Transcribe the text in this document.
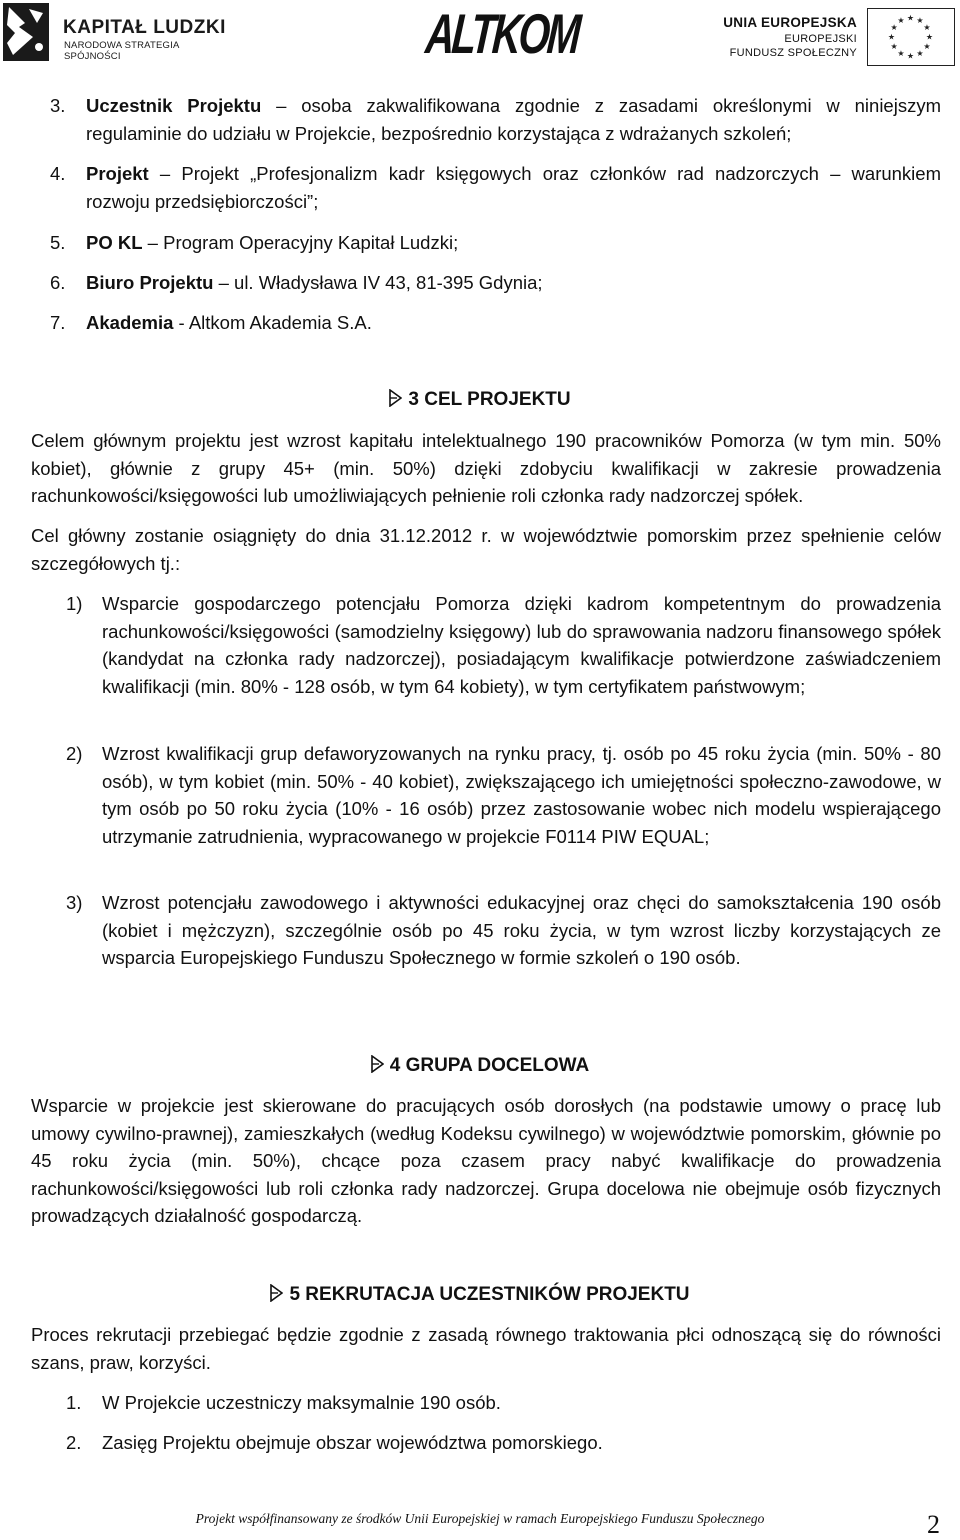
KAPITAŁ LUDZKI
NARODOWA STRATEGIA SPÓJNOŚCI	ALTKOM	UNIA EUROPEJSKA
EUROPEJSKI
FUNDUSZ SPOŁECZNY
★ ★
★
★
★
★
★
★
★
★
★
★
3. Uczestnik Projektu – osoba zakwalifikowana zgodnie z zasadami określonymi w niniejszym regulaminie do udziału w Projekcie, bezpośrednio korzystająca z wdrażanych szkoleń;
4. Projekt – Projekt „Profesjonalizm kadr księgowych oraz członków rad nadzorczych – warunkiem rozwoju przedsiębiorczości”;
5. PO KL – Program Operacyjny Kapitał Ludzki;
6. Biuro Projektu – ul. Władysława IV 43, 81-395 Gdynia;
7. Akademia - Altkom Akademia S.A.
3 CEL PROJEKTU
Celem głównym projektu jest wzrost kapitału intelektualnego 190 pracowników Pomorza (w tym min. 50% kobiet), głównie z grupy 45+ (min. 50%) dzięki zdobyciu kwalifikacji w zakresie prowadzenia rachunkowości/księgowości lub umożliwiających pełnienie roli członka rady nadzorczej spółek.
Cel główny zostanie osiągnięty do dnia 31.12.2012 r. w województwie pomorskim przez spełnienie celów szczegółowych tj.:
1) Wsparcie gospodarczego potencjału Pomorza dzięki kadrom kompetentnym do prowadzenia rachunkowości/księgowości (samodzielny księgowy) lub do sprawowania nadzoru finansowego spółek (kandydat na członka rady nadzorczej), posiadającym kwalifikacje potwierdzone zaświadczeniem kwalifikacji (min. 80% - 128 osób, w tym 64 kobiety), w tym certyfikatem państwowym;
2) Wzrost kwalifikacji grup defaworyzowanych na rynku pracy, tj. osób po 45 roku życia (min. 50% - 80 osób), w tym kobiet (min. 50% - 40 kobiet), zwiększającego ich umiejętności społeczno-zawodowe, w tym osób po 50 roku życia (10% - 16 osób) przez zastosowanie wobec nich modelu wspierającego utrzymanie zatrudnienia, wypracowanego w projekcie F0114 PIW EQUAL;
3) Wzrost potencjału zawodowego i aktywności edukacyjnej oraz chęci do samokształcenia 190 osób (kobiet i mężczyzn), szczególnie osób po 45 roku życia, w tym wzrost liczby korzystających ze wsparcia Europejskiego Funduszu Społecznego w formie szkoleń o 190 osób.
4 GRUPA DOCELOWA
Wsparcie w projekcie jest skierowane do pracujących osób dorosłych (na podstawie umowy o pracę lub umowy cywilno-prawnej), zamieszkałych (według Kodeksu cywilnego) w województwie pomorskim, głównie po 45 roku życia (min. 50%), chcące poza czasem pracy nabyć kwalifikacje do prowadzenia rachunkowości/księgowości lub roli członka rady nadzorczej. Grupa docelowa nie obejmuje osób fizycznych prowadzących działalność gospodarczą.
5 REKRUTACJA UCZESTNIKÓW PROJEKTU
Proces rekrutacji przebiegać będzie zgodnie z zasadą równego traktowania płci odnoszącą się do równości szans, praw, korzyści.
1. W Projekcie uczestniczy maksymalnie 190 osób.
2. Zasięg Projektu obejmuje obszar województwa pomorskiego.
Projekt współfinansowany ze środków Unii Europejskiej w ramach Europejskiego Funduszu Społecznego	2
